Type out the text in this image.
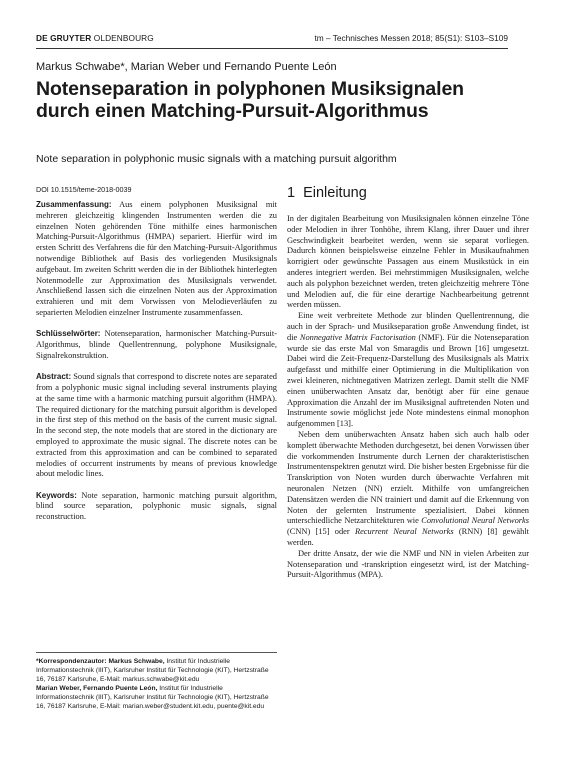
DE GRUYTER OLDENBOURG	tm – Technisches Messen 2018; 85(S1): S103–S109
Markus Schwabe*, Marian Weber und Fernando Puente León
Notenseparation in polyphonen Musiksignalen durch einen Matching-Pursuit-Algorithmus
Note separation in polyphonic music signals with a matching pursuit algorithm
DOI 10.1515/teme-2018-0039

Zusammenfassung: Aus einem polyphonen Musiksignal mit mehreren gleichzeitig klingenden Instrumenten werden die zu einzelnen Noten gehörenden Töne mithilfe eines harmonischen Matching-Pursuit-Algorithmus (HMPA) separiert. Hierfür wird im ersten Schritt des Verfahrens die für den Matching-Pursuit-Algorithmus notwendige Bibliothek auf Basis des vorliegenden Musiksignals aufgebaut. Im zweiten Schritt werden die in der Bibliothek hinterlegten Notenmodelle zur Approximation des Musiksignals verwendet. Anschließend lassen sich die einzelnen Noten aus der Approximation extrahieren und mit dem Vorwissen von Melodieverläufen zu separierten Melodien einzelner Instrumente zusammenfassen.

Schlüsselwörter: Notenseparation, harmonischer Matching-Pursuit-Algorithmus, blinde Quellentrennung, polyphone Musiksignale, Signalrekonstruktion.

Abstract: Sound signals that correspond to discrete notes are separated from a polyphonic music signal including several instruments playing at the same time with a harmonic matching pursuit algorithm (HMPA). The required dictionary for the matching pursuit algorithm is developed in the first step of this method on the basis of the current music signal. In the second step, the note models that are stored in the dictionary are employed to approximate the music signal. The discrete notes can be extracted from this approximation and can be combined to separated melodies of occurrent instruments by means of previous knowledge about melodic lines.

Keywords: Note separation, harmonic matching pursuit algorithm, blind source separation, polyphonic music signals, signal reconstruction.

*Korrespondenzautor: Markus Schwabe, Institut für Industrielle Informationstechnik (IIIT), Karlsruher Institut für Technologie (KIT), Hertzstraße 16, 76187 Karlsruhe, E-Mail: markus.schwabe@kit.edu

Marian Weber, Fernando Puente León, Institut für Industrielle Informationstechnik (IIIT), Karlsruher Institut für Technologie (KIT), Hertzstraße 16, 76187 Karlsruhe, E-Mail: marian.weber@student.kit.edu, puente@kit.edu

1 Einleitung

In der digitalen Bearbeitung von Musiksignalen können einzelne Töne oder Melodien in ihrer Tonhöhe, ihrem Klang, ihrer Dauer und ihrer Geschwindigkeit bearbeitet werden, wenn sie separat vorliegen. Dadurch können beispielsweise einzelne Fehler in Musikaufnahmen korrigiert oder gewünschte Passagen aus einem Musikstück in ein anderes integriert werden. Bei mehrstimmigen Musiksignalen, welche auch als polyphon bezeichnet werden, treten gleichzeitig mehrere Töne und Melodien auf, die für eine derartige Nachbearbeitung getrennt werden müssen.

Eine weit verbreitete Methode zur blinden Quellentrennung, die auch in der Sprach- und Musikseparation große Anwendung findet, ist die Nonnegative Matrix Factorisation (NMF). Für die Notenseparation wurde sie das erste Mal von Smaragdis und Brown [16] umgesetzt. Dabei wird die Zeit-Frequenz-Darstellung des Musiksignals als Matrix aufgefasst und mithilfe einer Optimierung in die Multiplikation von zwei kleineren, nichtnegativen Matrizen zerlegt. Damit stellt die NMF einen unüberwachten Ansatz dar, benötigt aber für eine genaue Approximation die Anzahl der im Musiksignal auftretenden Noten und Instrumente sowie möglichst jede Note mindestens einmal monophon aufgenommen [13].

Neben dem unüberwachten Ansatz haben sich auch halb oder komplett überwachte Methoden durchgesetzt, bei denen Vorwissen über die vorkommenden Instrumente durch Lernen der charakteristischen Instrumentenspektren genutzt wird. Die bisher besten Ergebnisse für die Transkription von Noten wurden durch überwachte Verfahren mit neuronalen Netzen (NN) erzielt. Mithilfe von umfangreichen Datensätzen werden die NN trainiert und damit auf die Erkennung von Noten der gelernten Instrumente spezialisiert. Dabei können unterschiedliche Netzarchitekturen wie Convolutional Neural Networks (CNN) [15] oder Recurrent Neural Networks (RNN) [8] gewählt werden.

Der dritte Ansatz, der wie die NMF und NN in vielen Arbeiten zur Notenseparation und -transkription eingesetzt wird, ist der Matching-Pursuit-Algorithmus (MPA).
